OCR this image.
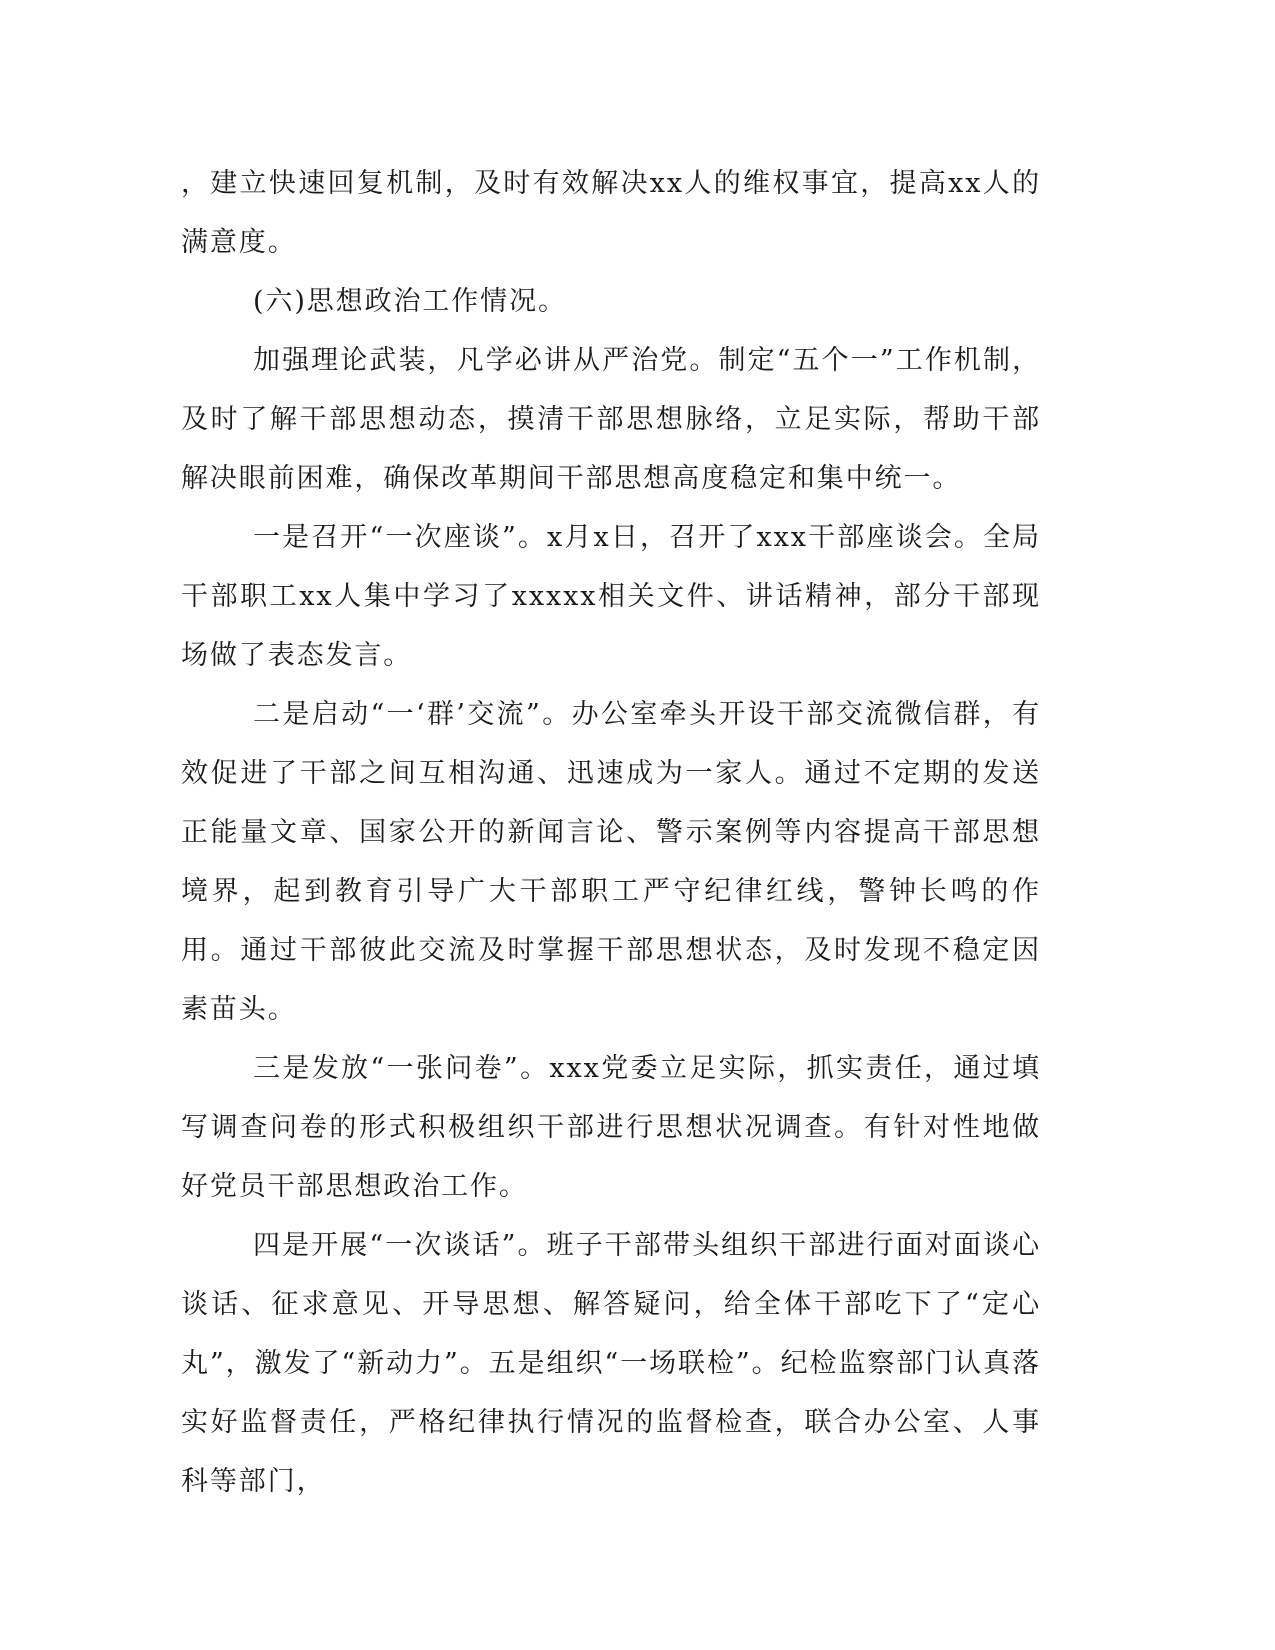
，建立快速回复机制，及时有效解决xx人的维权事宜，提高xx人的满意度。

(六)思想政治工作情况。

加强理论武装，凡学必讲从严治党。制定“五个一”工作机制，及时了解干部思想动态，摸清干部思想脉络，立足实际，帮助干部解决眼前困难，确保改革期间干部思想高度稳定和集中统一。

一是召开“一次座谈”。x月x日，召开了xxx干部座谈会。全局干部职工xx人集中学习了xxxxx相关文件、讲话精神，部分干部现场做了表态发言。

二是启动“一‘群’交流”。办公室牵头开设干部交流微信群，有效促进了干部之间互相沟通、迅速成为一家人。通过不定期的发送正能量文章、国家公开的新闻言论、警示案例等内容提高干部思想境界，起到教育引导广大干部职工严守纪律红线，警钟长鸣的作用。通过干部彼此交流及时掌握干部思想状态，及时发现不稳定因素苗头。

三是发放“一张问卷”。xxx党委立足实际，抓实责任，通过填写调查问卷的形式积极组织干部进行思想状况调查。有针对性地做好党员干部思想政治工作。

四是开展“一次谈话”。班子干部带头组织干部进行面对面谈心谈话、征求意见、开导思想、解答疑问，给全体干部吃下了“定心丸”，激发了“新动力”。五是组织“一场联检”。纪检监察部门认真落实好监督责任，严格纪律执行情况的监督检查，联合办公室、人事科等部门，
